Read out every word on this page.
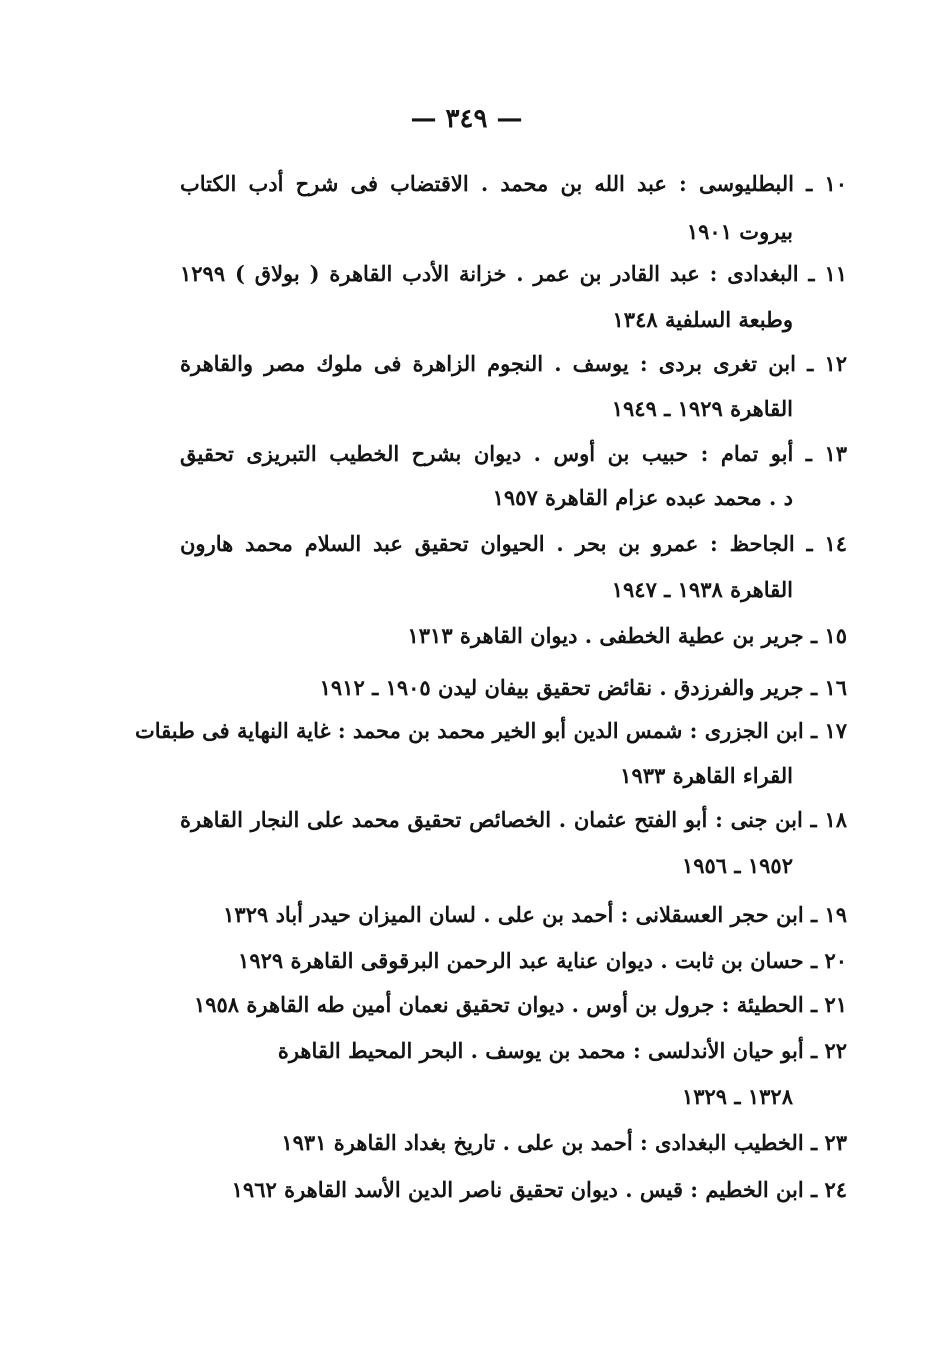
— ٣٤٩ —
١٠ ـ البطليوسى : عبد الله بن محمد . الاقتضاب فى شرح أدب الكتاب
بيروت ١٩٠١
١١ ـ البغدادى : عبد القادر بن عمر . خزانة الأدب القاهرة ( بولاق ) ١٢٩٩
وطبعة السلفية ١٣٤٨
١٢ ـ ابن تغرى بردى : يوسف . النجوم الزاهرة فى ملوك مصر والقاهرة
القاهرة ١٩٢٩ ـ ١٩٤٩
١٣ ـ أبو تمام : حبيب بن أوس . ديوان بشرح الخطيب التبريزى تحقيق
د . محمد عبده عزام القاهرة ١٩٥٧
١٤ ـ الجاحظ : عمرو بن بحر . الحيوان تحقيق عبد السلام محمد هارون
القاهرة ١٩٣٨ ـ ١٩٤٧
١٥ ـ جرير بن عطية الخطفى . ديوان القاهرة ١٣١٣
١٦ ـ جرير والفرزدق . نقائض تحقيق بيفان ليدن ١٩٠٥ ـ ١٩١٢
١٧ ـ ابن الجزرى : شمس الدين أبو الخير محمد بن محمد : غاية النهاية فى طبقات
القراء القاهرة ١٩٣٣
١٨ ـ ابن جنى : أبو الفتح عثمان . الخصائص تحقيق محمد على النجار القاهرة
١٩٥٢ ـ ١٩٥٦
١٩ ـ ابن حجر العسقلانى : أحمد بن على . لسان الميزان حيدر أباد ١٣٢٩
٢٠ ـ حسان بن ثابت . ديوان عناية عبد الرحمن البرقوقى القاهرة ١٩٢٩
٢١ ـ الحطيئة : جرول بن أوس . ديوان تحقيق نعمان أمين طه القاهرة ١٩٥٨
٢٢ ـ أبو حيان الأندلسى : محمد بن يوسف . البحر المحيط القاهرة
١٣٢٨ ـ ١٣٢٩
٢٣ ـ الخطيب البغدادى : أحمد بن على . تاريخ بغداد القاهرة ١٩٣١
٢٤ ـ ابن الخطيم : قيس . ديوان تحقيق ناصر الدين الأسد القاهرة ١٩٦٢
